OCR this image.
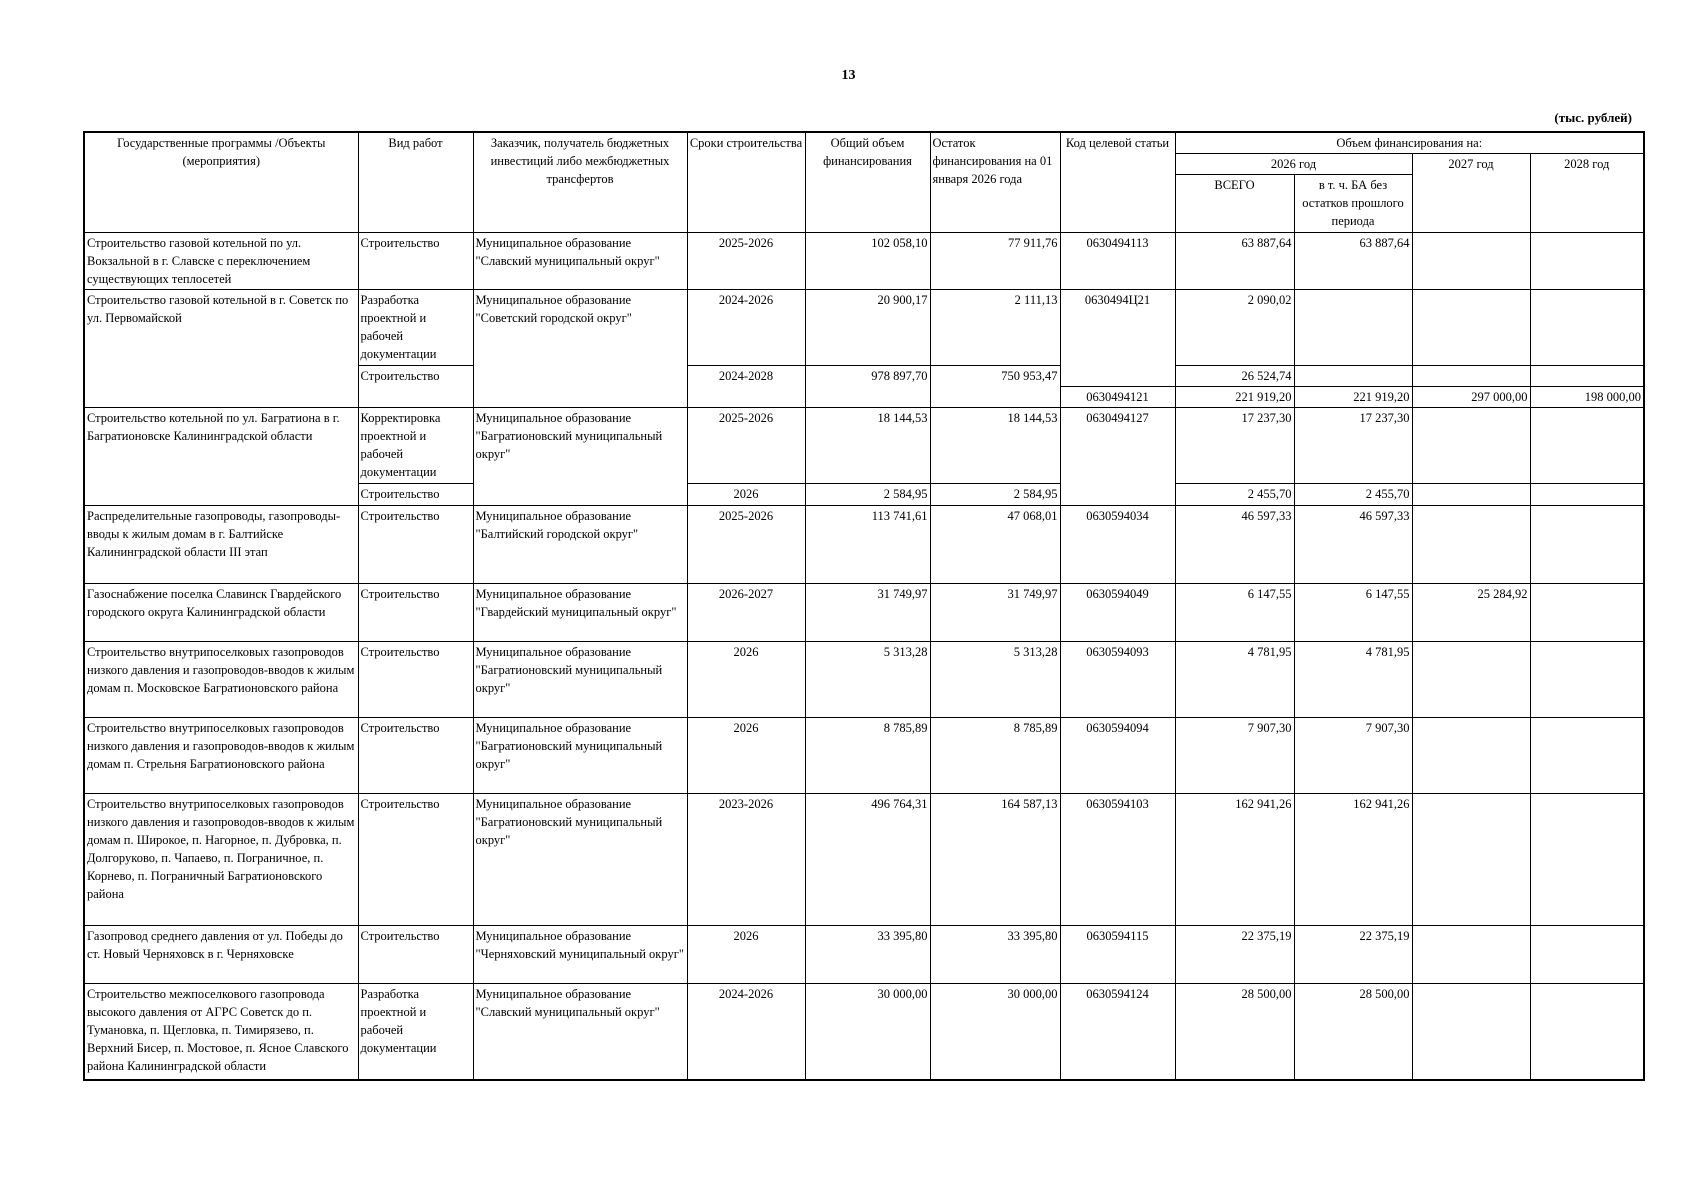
13
(тыс. рублей)
Государственные программы /Объекты (мероприятия)	Вид работ	Заказчик, получатель бюджетных инвестиций либо межбюджетных трансфертов	Сроки строительства	Общий объем финансирования	Остаток финансирования на 01 января 2026 года	Код целевой статьи	Объем финансирования на:			
							2026 год		2027 год	2028 год
							ВСЕГО	в т. ч. БА без остатков прошлого периода		
Строительство газовой котельной по ул. Вокзальной в г. Славске с переключением существующих теплосетей	Строительство	Муниципальное образование "Славский муниципальный округ"	2025-2026	102 058,10	77 911,76	0630494113	63 887,64	63 887,64		
Строительство газовой котельной в г. Советск по ул. Первомайской	Разработка проектной и рабочей документации	Муниципальное образование "Советский городской округ"	2024-2026	20 900,17	2 111,13	0630494Ц21	2 090,02			
	Строительство		2024-2028	978 897,70	750 953,47		26 524,74			
						0630494121	221 919,20	221 919,20	297 000,00	198 000,00
Строительство котельной по ул. Багратиона в г. Багратионовске Калининградской области	Корректировка проектной и рабочей документации	Муниципальное образование "Багратионовский муниципальный округ"	2025-2026	18 144,53	18 144,53	0630494127	17 237,30	17 237,30		
	Строительство		2026	2 584,95	2 584,95		2 455,70	2 455,70		
Распределительные газопроводы, газопроводы-вводы к жилым домам в г. Балтийске Калининградской области III этап	Строительство	Муниципальное образование "Балтийский городской округ"	2025-2026	113 741,61	47 068,01	0630594034	46 597,33	46 597,33		
Газоснабжение поселка Славинск Гвардейского городского округа Калининградской области	Строительство	Муниципальное образование "Гвардейский муниципальный округ"	2026-2027	31 749,97	31 749,97	0630594049	6 147,55	6 147,55	25 284,92	
Строительство внутрипоселковых газопроводов низкого давления и газопроводов-вводов к жилым домам п. Московское Багратионовского района	Строительство	Муниципальное образование "Багратионовский муниципальный округ"	2026	5 313,28	5 313,28	0630594093	4 781,95	4 781,95		
Строительство внутрипоселковых газопроводов низкого давления и газопроводов-вводов к жилым домам п. Стрельня Багратионовского района	Строительство	Муниципальное образование "Багратионовский муниципальный округ"	2026	8 785,89	8 785,89	0630594094	7 907,30	7 907,30		
Строительство внутрипоселковых газопроводов низкого давления и газопроводов-вводов к жилым домам п. Широкое, п. Нагорное, п. Дубровка, п. Долгоруково, п. Чапаево, п. Пограничное, п. Корнево, п. Пограничный Багратионовского района	Строительство	Муниципальное образование "Багратионовский муниципальный округ"	2023-2026	496 764,31	164 587,13	0630594103	162 941,26	162 941,26		
Газопровод среднего давления от ул. Победы до ст. Новый Черняховск в г. Черняховске	Строительство	Муниципальное образование "Черняховский муниципальный округ"	2026	33 395,80	33 395,80	0630594115	22 375,19	22 375,19		
Строительство межпоселкового газопровода высокого давления от АГРС Советск до п. Тумановка, п. Щегловка, п. Тимирязево, п. Верхний Бисер, п. Мостовое, п. Ясное Славского района Калининградской области	Разработка проектной и рабочей документации	Муниципальное образование "Славский муниципальный округ"	2024-2026	30 000,00	30 000,00	0630594124	28 500,00	28 500,00		
